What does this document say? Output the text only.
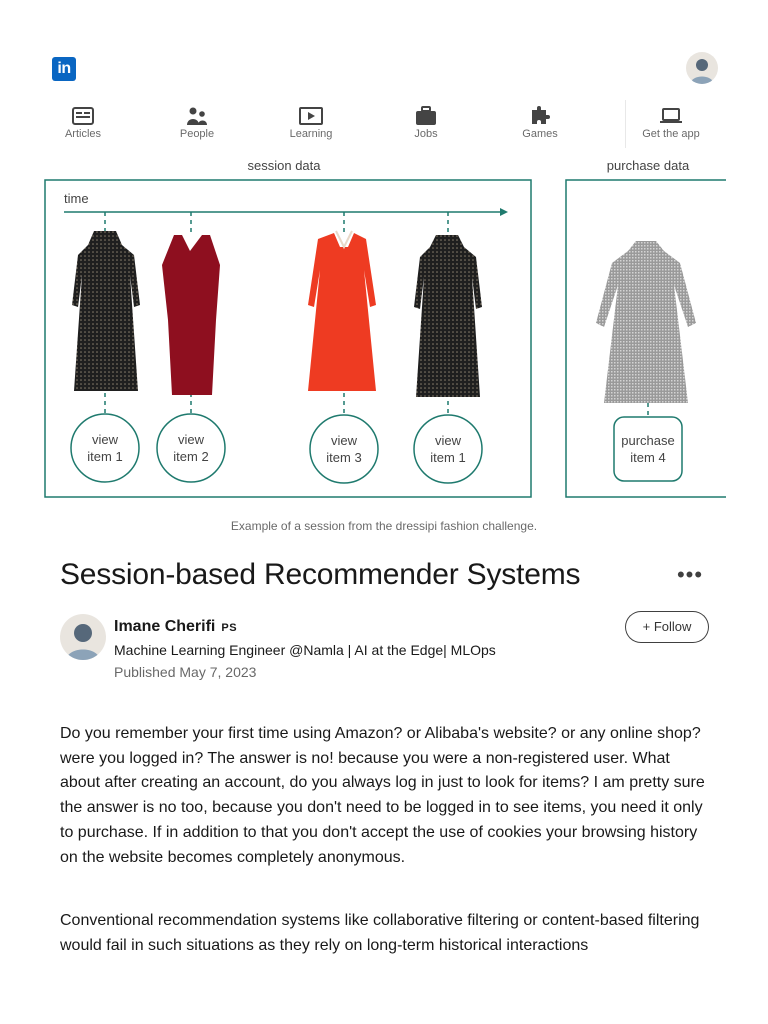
in
Articles	People	Learning	Jobs	Games	Get the app
session data	purchase data
time
view
item 1
view
item 2
view
item 3
view
item 1
purchase
item 4
Example of a session from the dressipi fashion challenge.
Session-based Recommender Systems	•••
Imane Cherifi PS
Machine Learning Engineer @Namla | AI at the Edge| MLOps
Published May 7, 2023
+ Follow

Do you remember your first time using Amazon? or Alibaba's website? or any online shop? were you logged in? The answer is no! because you were a non-registered user. What about after creating an account, do you always log in just to look for items? I am pretty sure the answer is no too, because you don't need to be logged in to see items, you need it only to purchase. If in addition to that you don't accept the use of cookies your browsing history on the website becomes completely anonymous.

Conventional recommendation systems like collaborative filtering or content-based filtering would fail in such situations as they rely on long-term historical interactions
